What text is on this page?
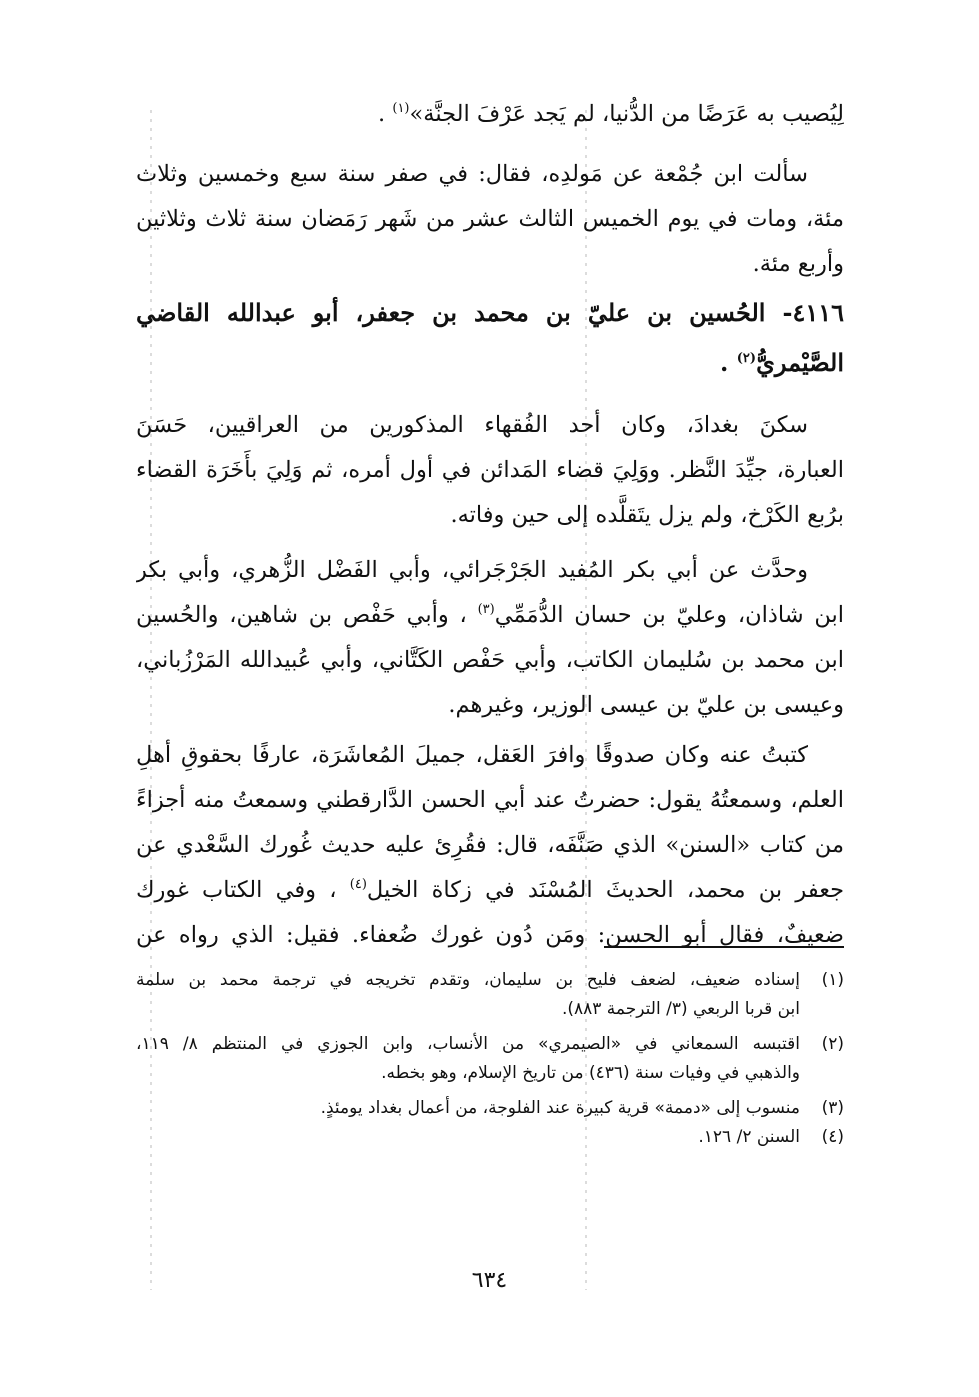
لِيُصيب به عَرَضًا من الدُّنيا، لم يَجد عَرْفَ الجنَّة»$^{(١)}$ .
سألت ابن جُمْعة عن مَولدِه، فقال: في صفر سنة سبع وخمسين وثلاث
مئة، ومات في يوم الخميس الثالث عشر من شَهر رَمَضان سنة ثلاث وثلاثين
وأربع مئة.
٤١١٦- الحُسين بن عليّ بن محمد بن جعفر، أبو عبدالله القاضي
الصَّيْمريُّ$^{(٢)}$ .
سكنَ بغدادَ، وكان أحد الفُقهاء المذكورين من العراقيين، حَسَنَ
العبارة، جيِّدَ النَّظر. ووَلِيَ قضاء المَدائن في أول أمره، ثم وَلِيَ بأَخَرَة القضاء
برُبع الكَرْخ، ولم يزل يتَقلَّده إلى حين وفاته.
وحدَّث عن أبي بكر المُفيد الجَرْجَرائي، وأبي الفَضْل الزُّهري، وأبي بكر
ابن شاذان، وعليّ بن حسان الدُّمَمِّي$^{(٣)}$ ، وأبي حَفْص بن شاهين، والحُسين
ابن محمد بن سُليمان الكاتب، وأبي حَفْص الكَتَّاني، وأبي عُبيدالله المَرْزُباني،
وعيسى بن عليّ بن عيسى الوزير، وغيرهم.
كتبتُ عنه وكان صدوقًا وافرَ العَقل، جميلَ المُعاشَرَة، عارفًا بحقوقِ أهلِ
العلم، وسمعتُهُ يقول: حضرتُ عند أبي الحسن الدَّارقطني وسمعتُ منه أجزاءً
من كتاب «السنن» الذي صَنَّفَه، قال: فقُرِئ عليه حديث غُورك السَّعْدي عن
جعفر بن محمد، الحديثَ المُسْنَد في زكاة الخيل$^{(٤)}$ ، وفي الكتاب غورك
ضعيفٌ، فقال أبو الحسن: ومَن دُون غورك ضُعفاء. فقيل: الذي رواه عن
(١)
إسناده ضعيف، لضعف فليح بن سليمان، وتقدم تخريجه في ترجمة محمد بن سلمة
ابن قربا الربعي (٣/ الترجمة ٨٨٣).
(٢)
اقتبسه السمعاني في «الصيمري» من الأنساب، وابن الجوزي في المنتظم ٨/ ١١٩،
والذهبي في وفيات سنة (٤٣٦) من تاريخ الإسلام، وهو بخطه.
(٣)
منسوب إلى «دممة» قرية كبيرة عند الفلوجة، من أعمال بغداد يومئذٍ.
(٤)
السنن ٢/ ١٢٦.
٦٣٤
